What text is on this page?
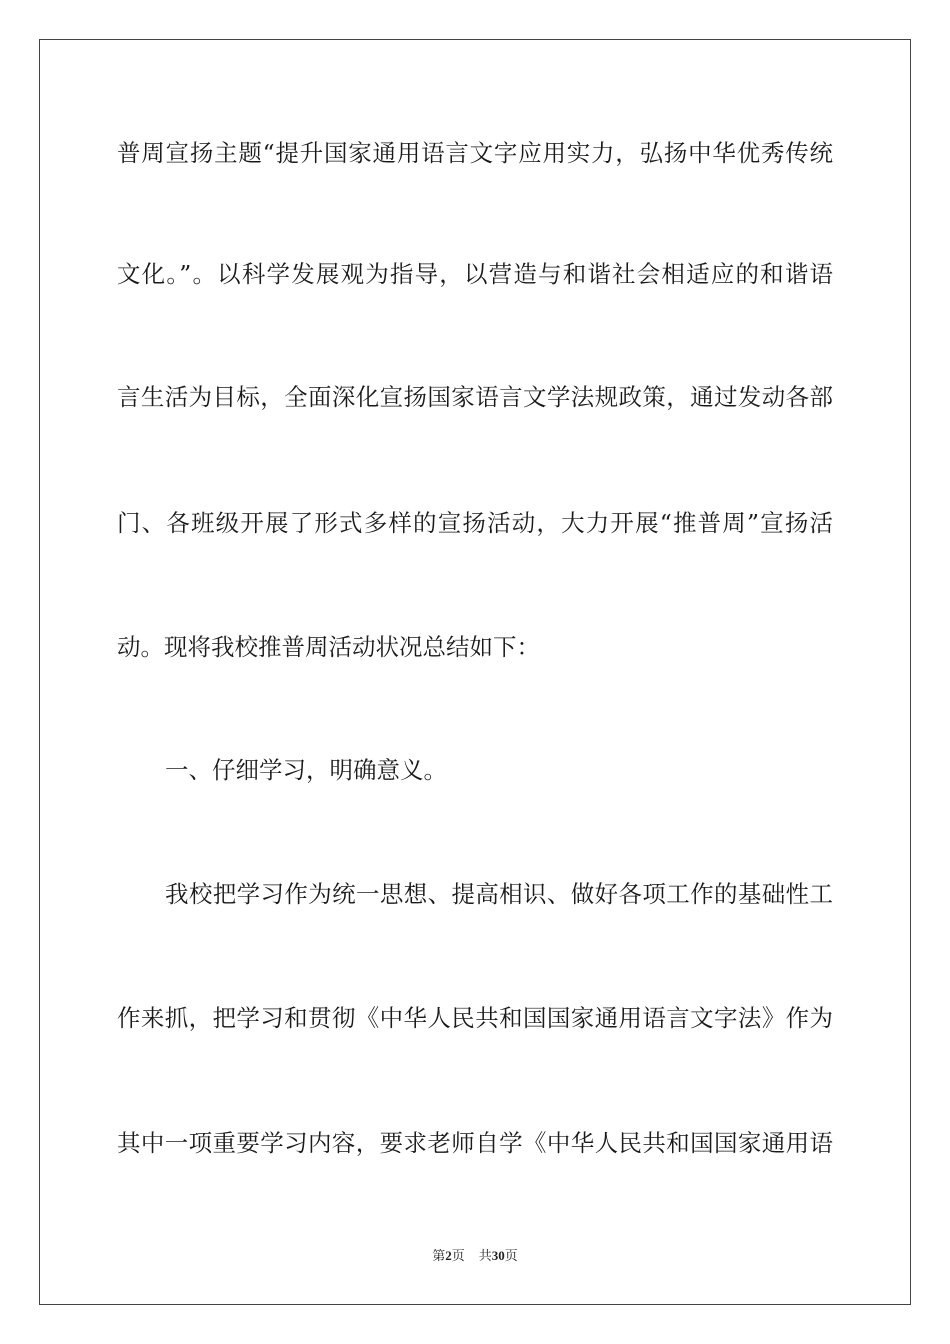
普周宣扬主题“提升国家通用语言文字应用实力，弘扬中华优秀传统
文化。”。以科学发展观为指导，以营造与和谐社会相适应的和谐语
言生活为目标，全面深化宣扬国家语言文学法规政策，通过发动各部
门、各班级开展了形式多样的宣扬活动，大力开展“推普周”宣扬活
动。现将我校推普周活动状况总结如下：
一、仔细学习，明确意义。
我校把学习作为统一思想、提高相识、做好各项工作的基础性工
作来抓，把学习和贯彻《中华人民共和国国家通用语言文字法》作为
其中一项重要学习内容，要求老师自学《中华人民共和国国家通用语
第2页 共30页
